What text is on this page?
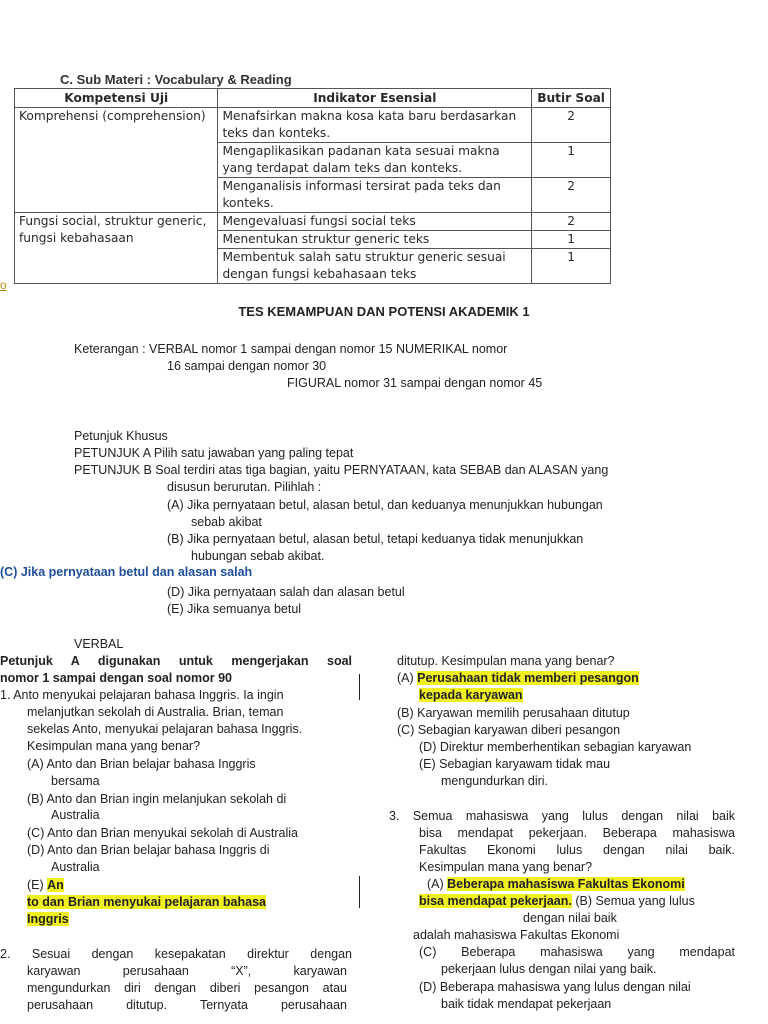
C. Sub Materi : Vocabulary & Reading
Kompetensi Uji	Indikator Esensial	Butir Soal
Komprehensi (comprehension)	Menafsirkan makna kosa kata baru berdasarkan teks dan konteks.	2
	Mengaplikasikan padanan kata sesuai makna yang terdapat dalam teks dan konteks.	1
	Menganalisis informasi tersirat pada teks dan konteks.	2
Fungsi social, struktur generic, fungsi kebahasaan	Mengevaluasi fungsi social teks	2
	Menentukan struktur generic teks	1
	Membentuk salah satu struktur generic sesuai dengan fungsi kebahasaan teks	1
o
TES KEMAMPUAN DAN POTENSI AKADEMIK 1
Keterangan : VERBAL nomor 1 sampai dengan nomor 15 NUMERIKAL nomor
16 sampai dengan nomor 30
FIGURAL nomor 31 sampai dengan nomor 45
Petunjuk Khusus
PETUNJUK A Pilih satu jawaban yang paling tepat
PETUNJUK B Soal terdiri atas tiga bagian, yaitu PERNYATAAN, kata SEBAB dan ALASAN yang
disusun berurutan. Pilihlah :
(A) Jika pernyataan betul, alasan betul, dan keduanya menunjukkan hubungan
sebab akibat
(B) Jika pernyataan betul, alasan betul, tetapi keduanya tidak menunjukkan
hubungan sebab akibat.
(C) Jika pernyataan betul dan alasan salah
(D) Jika pernyataan salah dan alasan betul
(E) Jika semuanya betul
VERBAL
Petunjuk A digunakan untuk mengerjakan soal
nomor 1 sampai dengan soal nomor 90
1. Anto menyukai pelajaran bahasa Inggris. Ia ingin
melanjutkan sekolah di Australia. Brian, teman
sekelas Anto, menyukai pelajaran bahasa Inggris.
Kesimpulan mana yang benar?
(A) Anto dan Brian belajar bahasa Inggris
bersama
(B) Anto dan Brian ingin melanjukan sekolah di
Australia
(C) Anto dan Brian menyukai sekolah di Australia
(D) Anto dan Brian belajar bahasa Inggris di
Australia
(E) An
to dan Brian menyukai pelajaran bahasa
Inggris
2. Sesuai dengan kesepakatan direktur dengan
karyawan perusahaan “X”, karyawan
mengundurkan diri dengan diberi pesangon atau
perusahaan ditutup. Ternyata perusahaan
ditutup. Kesimpulan mana yang benar?
(A) Perusahaan tidak memberi pesangon
kepada karyawan
(B) Karyawan memilih perusahaan ditutup
(C) Sebagian karyawan diberi pesangon
(D) Direktur memberhentikan sebagian karyawan
(E) Sebagian karyawam tidak mau
mengundurkan diri.
3. Semua mahasiswa yang lulus dengan nilai baik
bisa mendapat pekerjaan. Beberapa mahasiswa
Fakultas Ekonomi lulus dengan nilai baik.
Kesimpulan mana yang benar?
(A) Beberapa mahasiswa Fakultas Ekonomi
bisa mendapat pekerjaan. (B) Semua yang lulus
dengan nilai baik
adalah mahasiswa Fakultas Ekonomi
(C) Beberapa mahasiswa yang mendapat
pekerjaan lulus dengan nilai yang baik.
(D) Beberapa mahasiswa yang lulus dengan nilai
baik tidak mendapat pekerjaan
